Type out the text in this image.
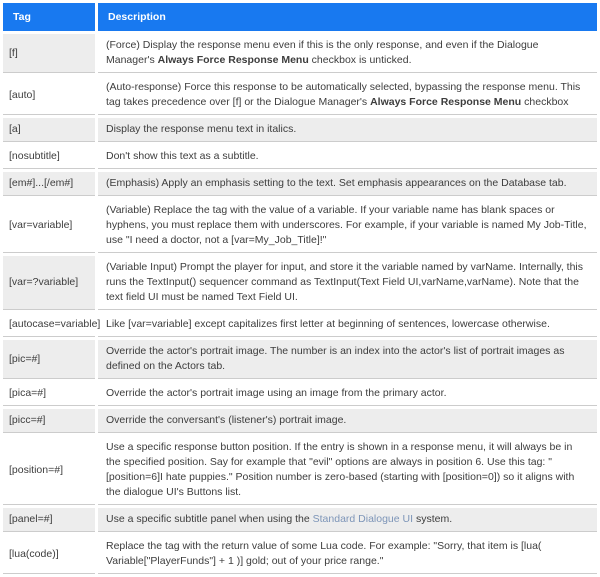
Tag	Description
[f]	(Force) Display the response menu even if this is the only response, and even if the Dialogue Manager's Always Force Response Menu checkbox is unticked.
[auto]	(Auto-response) Force this response to be automatically selected, bypassing the response menu. This tag takes precedence over [f] or the Dialogue Manager's Always Force Response Menu checkbox
[a]	Display the response menu text in italics.
[nosubtitle]	Don't show this text as a subtitle.
[em#]...[/em#]	(Emphasis) Apply an emphasis setting to the text. Set emphasis appearances on the Database tab.
[var=variable]	(Variable) Replace the tag with the value of a variable. If your variable name has blank spaces or hyphens, you must replace them with underscores. For example, if your variable is named My Job-Title, use "I need a doctor, not a [var=My_Job_Title]!"
[var=?variable]	(Variable Input) Prompt the player for input, and store it the variable named by varName. Internally, this runs the TextInput() sequencer command as TextInput(Text Field UI,varName,varName). Note that the text field UI must be named Text Field UI.
[autocase=variable]	Like [var=variable] except capitalizes first letter at beginning of sentences, lowercase otherwise.
[pic=#]	Override the actor's portrait image. The number is an index into the actor's list of portrait images as defined on the Actors tab.
[pica=#]	Override the actor's portrait image using an image from the primary actor.
[picc=#]	Override the conversant's (listener's) portrait image.
[position=#]	Use a specific response button position. If the entry is shown in a response menu, it will always be in the specified position. Say for example that "evil" options are always in position 6. Use this tag: "[position=6]I hate puppies." Position number is zero-based (starting with [position=0]) so it aligns with the dialogue UI's Buttons list.
[panel=#]	Use a specific subtitle panel when using the Standard Dialogue UI system.
[lua(code)]	Replace the tag with the return value of some Lua code. For example: "Sorry, that item is [lua( Variable["PlayerFunds"] + 1 )] gold; out of your price range."
